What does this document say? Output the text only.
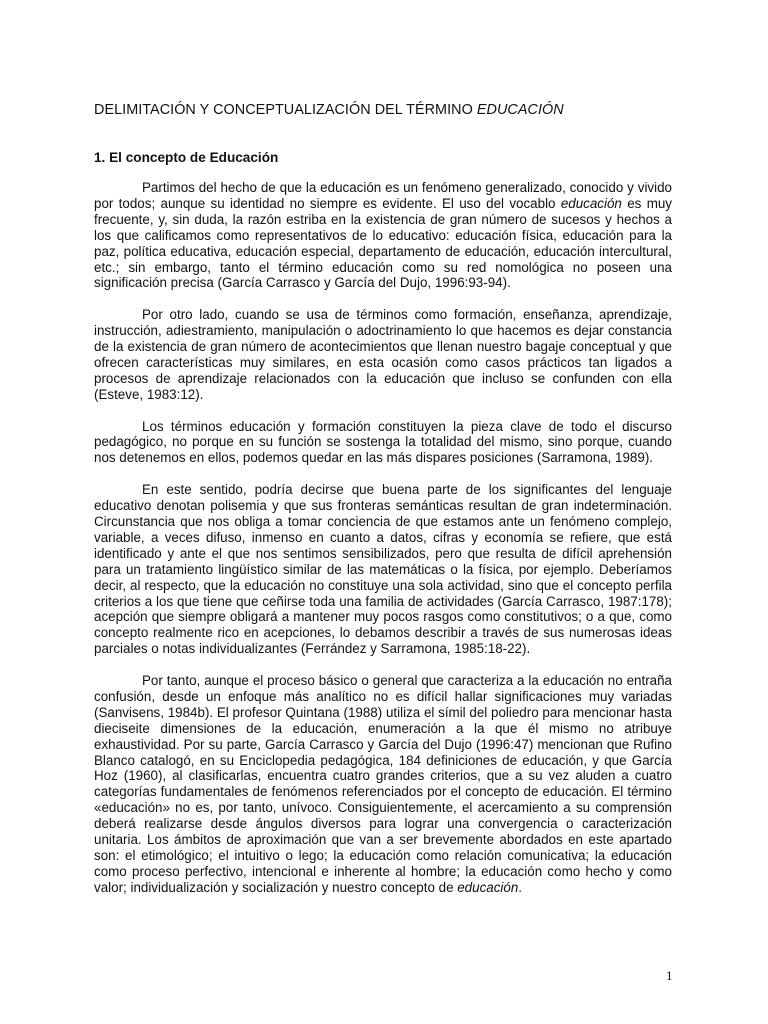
DELIMITACIÓN Y CONCEPTUALIZACIÓN DEL TÉRMINO EDUCACIÓN
1. El concepto de Educación

Partimos del hecho de que la educación es un fenómeno generalizado, conocido y vivido por todos; aunque su identidad no siempre es evidente. El uso del vocablo educación es muy frecuente, y, sin duda, la razón estriba en la existencia de gran número de sucesos y hechos a los que calificamos como representativos de lo educativo: educación física, educación para la paz, política educativa, educación especial, departamento de educación, educación intercultural, etc.; sin embargo, tanto el término educación como su red nomológica no poseen una significación precisa (García Carrasco y García del Dujo, 1996:93-94).

Por otro lado, cuando se usa de términos como formación, enseñanza, aprendizaje, instrucción, adiestramiento, manipulación o adoctrinamiento lo que hacemos es dejar constancia de la existencia de gran número de acontecimientos que llenan nuestro bagaje conceptual y que ofrecen características muy similares, en esta ocasión como casos prácticos tan ligados a procesos de aprendizaje relacionados con la educación que incluso se confunden con ella (Esteve, 1983:12).

Los términos educación y formación constituyen la pieza clave de todo el discurso pedagógico, no porque en su función se sostenga la totalidad del mismo, sino porque, cuando nos detenemos en ellos, podemos quedar en las más dispares posiciones (Sarramona, 1989).

En este sentido, podría decirse que buena parte de los significantes del lenguaje educativo denotan polisemia y que sus fronteras semánticas resultan de gran indeterminación. Circunstancia que nos obliga a tomar conciencia de que estamos ante un fenómeno complejo, variable, a veces difuso, inmenso en cuanto a datos, cifras y economía se refiere, que está identificado y ante el que nos sentimos sensibilizados, pero que resulta de difícil aprehensión para un tratamiento lingüístico similar de las matemáticas o la física, por ejemplo. Deberíamos decir, al respecto, que la educación no constituye una sola actividad, sino que el concepto perfila criterios a los que tiene que ceñirse toda una familia de actividades (García Carrasco, 1987:178); acepción que siempre obligará a mantener muy pocos rasgos como constitutivos; o a que, como concepto realmente rico en acepciones, lo debamos describir a través de sus numerosas ideas parciales o notas individualizantes (Ferrández y Sarramona, 1985:18-22).

Por tanto, aunque el proceso básico o general que caracteriza a la educación no entraña confusión, desde un enfoque más analítico no es difícil hallar significaciones muy variadas (Sanvisens, 1984b). El profesor Quintana (1988) utiliza el símil del poliedro para mencionar hasta dieciseite dimensiones de la educación, enumeración a la que él mismo no atribuye exhaustividad. Por su parte, García Carrasco y García del Dujo (1996:47) mencionan que Rufino Blanco catalogó, en su Enciclopedia pedagógica, 184 definiciones de educación, y que García Hoz (1960), al clasificarlas, encuentra cuatro grandes criterios, que a su vez aluden a cuatro categorías fundamentales de fenómenos referenciados por el concepto de educación. El término «educación» no es, por tanto, unívoco. Consiguientemente, el acercamiento a su comprensión deberá realizarse desde ángulos diversos para lograr una convergencia o caracterización unitaria. Los ámbitos de aproximación que van a ser brevemente abordados en este apartado son: el etimológico; el intuitivo o lego; la educación como relación comunicativa; la educación como proceso perfectivo, intencional e inherente al hombre; la educación como hecho y como valor; individualización y socialización y nuestro concepto de educación.

1
